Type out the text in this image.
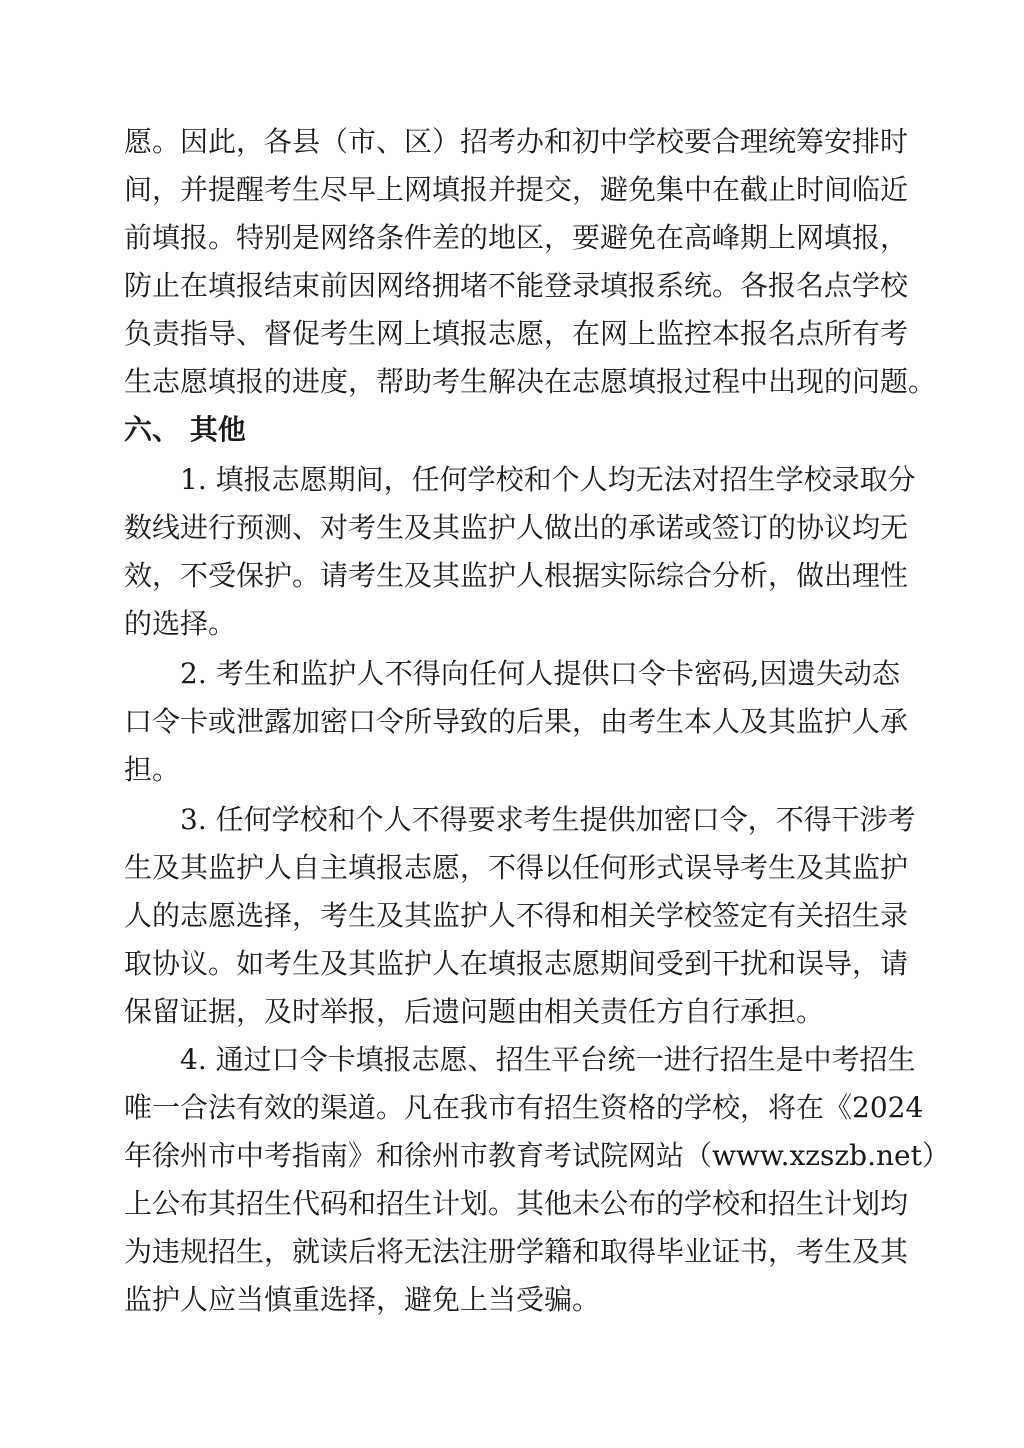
愿。因此，各县（市、区）招考办和初中学校要合理统筹安排时
间，并提醒考生尽早上网填报并提交，避免集中在截止时间临近
前填报。特别是网络条件差的地区，要避免在高峰期上网填报，
防止在填报结束前因网络拥堵不能登录填报系统。各报名点学校
负责指导、督促考生网上填报志愿，在网上监控本报名点所有考
生志愿填报的进度，帮助考生解决在志愿填报过程中出现的问题。
六、 其他
1. 填报志愿期间，任何学校和个人均无法对招生学校录取分
数线进行预测、对考生及其监护人做出的承诺或签订的协议均无
效，不受保护。请考生及其监护人根据实际综合分析，做出理性
的选择。
2. 考生和监护人不得向任何人提供口令卡密码,因遗失动态
口令卡或泄露加密口令所导致的后果，由考生本人及其监护人承
担。
3. 任何学校和个人不得要求考生提供加密口令，不得干涉考
生及其监护人自主填报志愿，不得以任何形式误导考生及其监护
人的志愿选择，考生及其监护人不得和相关学校签定有关招生录
取协议。如考生及其监护人在填报志愿期间受到干扰和误导，请
保留证据，及时举报，后遗问题由相关责任方自行承担。
4. 通过口令卡填报志愿、招生平台统一进行招生是中考招生
唯一合法有效的渠道。凡在我市有招生资格的学校，将在《2024
年徐州市中考指南》和徐州市教育考试院网站（www.xzszb.net）
上公布其招生代码和招生计划。其他未公布的学校和招生计划均
为违规招生，就读后将无法注册学籍和取得毕业证书，考生及其
监护人应当慎重选择，避免上当受骗。
